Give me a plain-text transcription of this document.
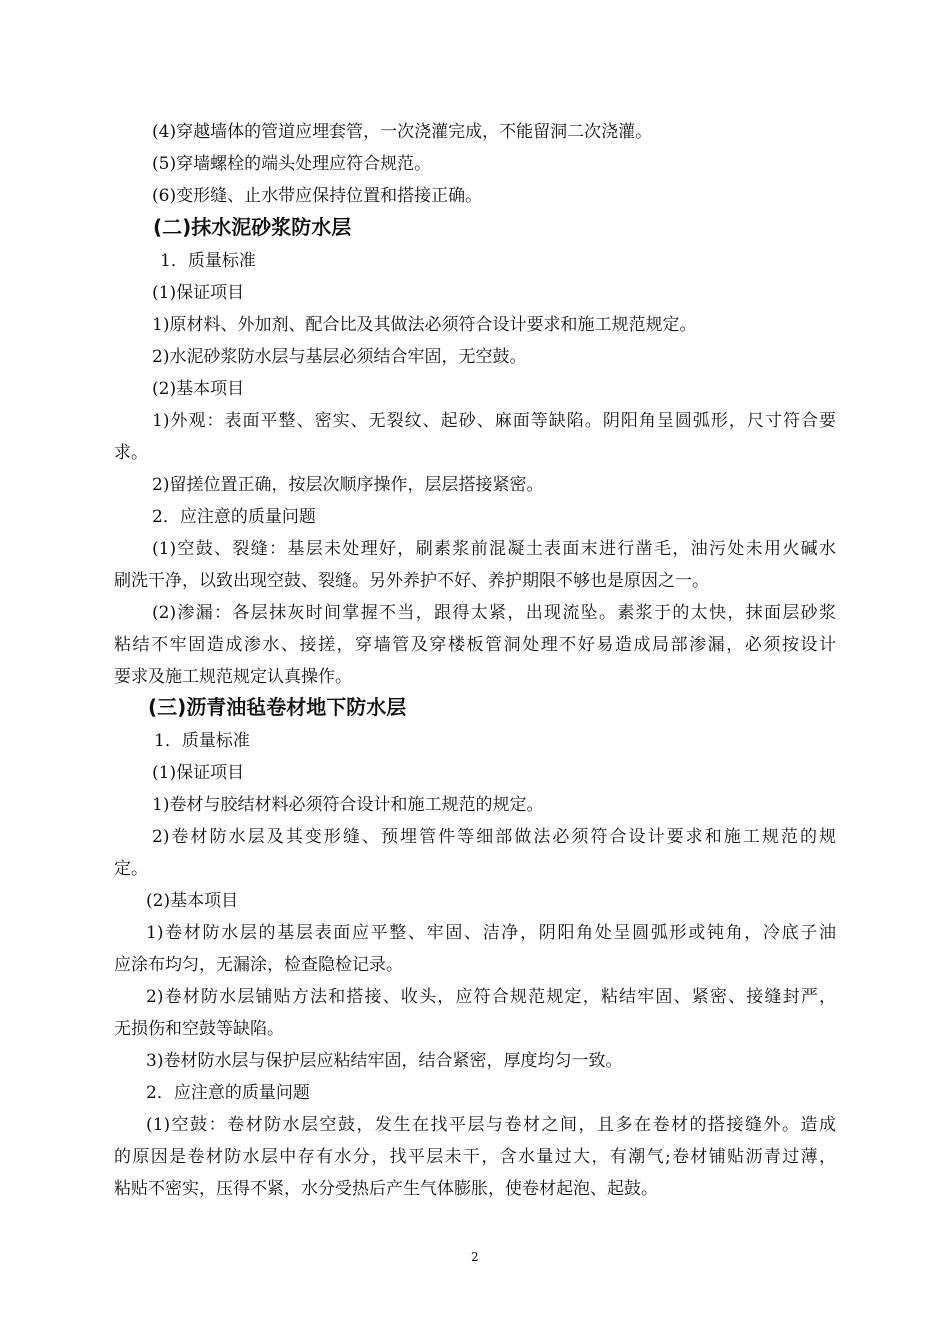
(4)穿越墙体的管道应埋套管，一次浇灌完成，不能留洞二次浇灌。
(5)穿墙螺栓的端头处理应符合规范。
(6)变形缝、止水带应保持位置和搭接正确。
(二)抹水泥砂浆防水层
1．质量标准
(1)保证项目
1)原材料、外加剂、配合比及其做法必须符合设计要求和施工规范规定。
2)水泥砂浆防水层与基层必须结合牢固，无空鼓。
(2)基本项目
1)外观：表面平整、密实、无裂纹、起砂、麻面等缺陷。阴阳角呈圆弧形，尺寸符合要
求。
2)留搓位置正确，按层次顺序操作，层层搭接紧密。
2．应注意的质量问题
(1)空鼓、裂缝：基层未处理好，刷素浆前混凝土表面末进行凿毛，油污处未用火碱水
刷洗干净，以致出现空鼓、裂缝。另外养护不好、养护期限不够也是原因之一。
(2)渗漏：各层抹灰时间掌握不当，跟得太紧，出现流坠。素浆于的太快，抹面层砂浆
粘结不牢固造成渗水、接搓，穿墙管及穿楼板管洞处理不好易造成局部渗漏，必须按设计
要求及施工规范规定认真操作。
(三)沥青油毡卷材地下防水层
1．质量标准
(1)保证项目
1)卷材与胶结材料必须符合设计和施工规范的规定。
2)卷材防水层及其变形缝、预埋管件等细部做法必须符合设计要求和施工规范的规
定。
(2)基本项目
1)卷材防水层的基层表面应平整、牢固、洁净，阴阳角处呈圆弧形或钝角，冷底子油
应涂布均匀，无漏涂，检查隐检记录。
2)卷材防水层铺贴方法和搭接、收头，应符合规范规定，粘结牢固、紧密、接缝封严，
无损伤和空鼓等缺陷。
3)卷材防水层与保护层应粘结牢固，结合紧密，厚度均匀一致。
2．应注意的质量问题
(1)空鼓：卷材防水层空鼓，发生在找平层与卷材之间，且多在卷材的搭接缝外。造成
的原因是卷材防水层中存有水分，找平层未干，含水量过大，有潮气;卷材铺贴沥青过薄，
粘贴不密实，压得不紧，水分受热后产生气体膨胀，使卷材起泡、起鼓。
2
